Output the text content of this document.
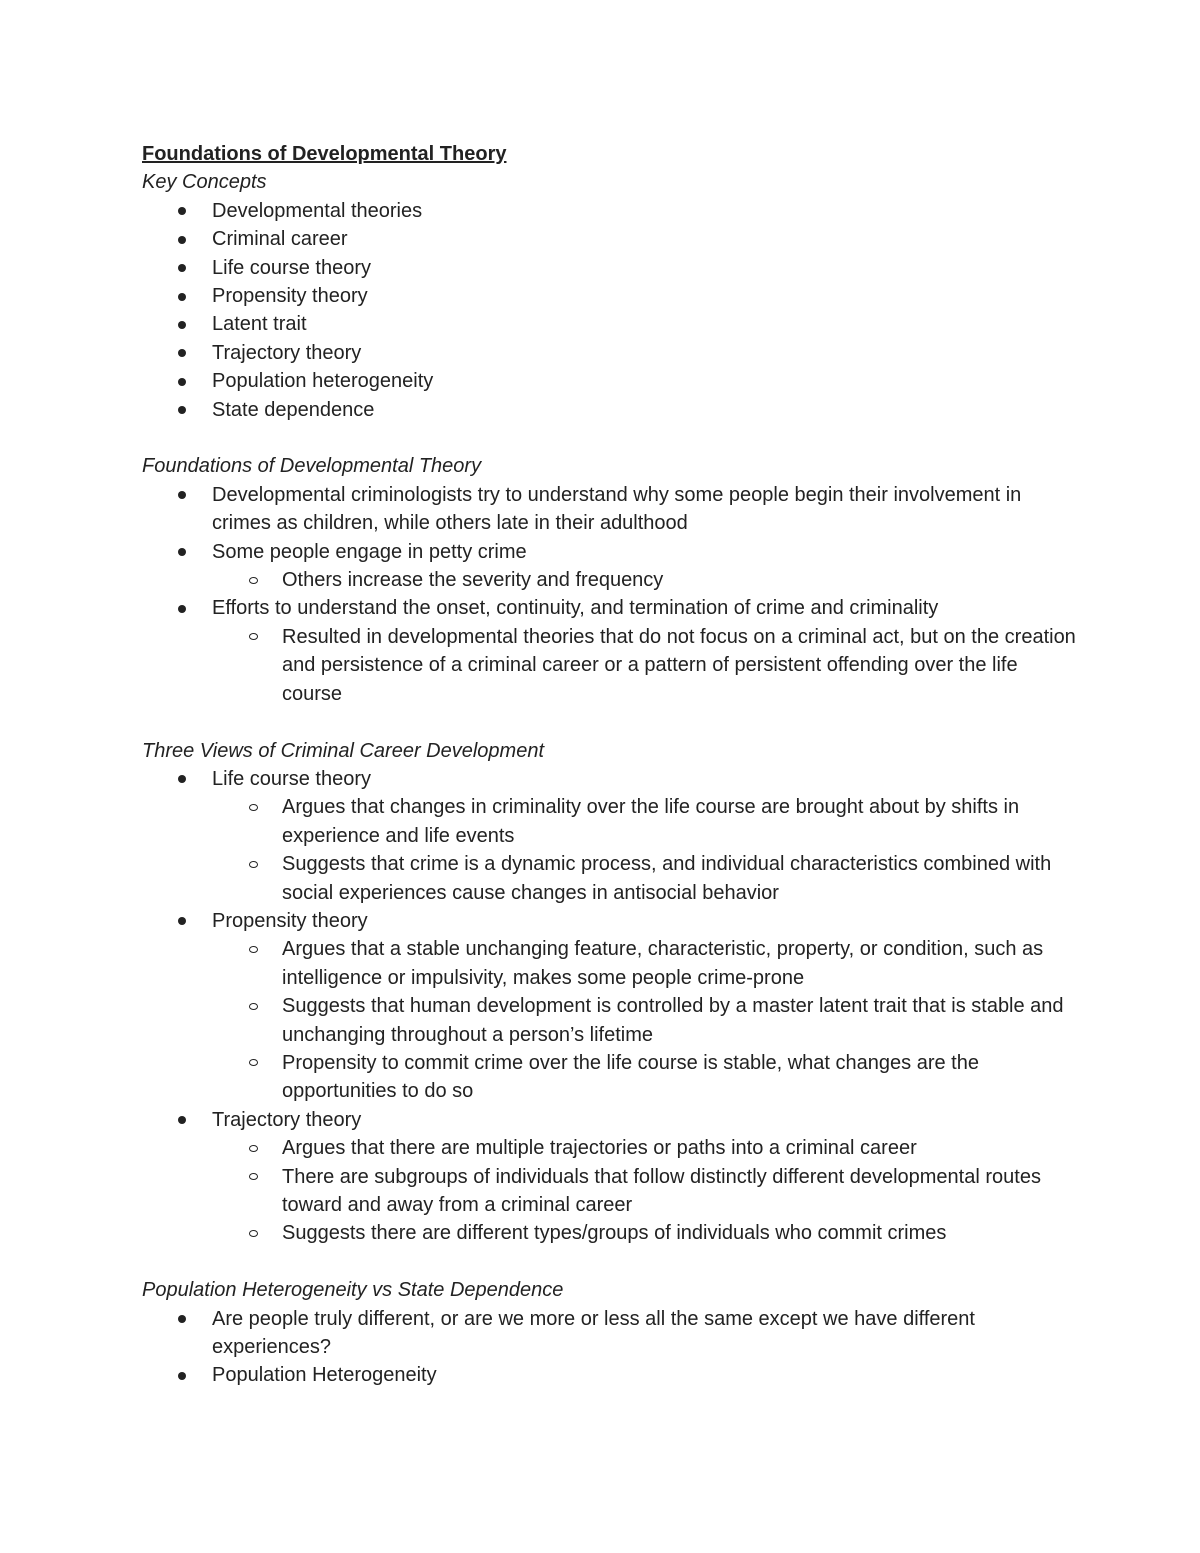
Foundations of Developmental Theory

Key Concepts

Developmental theories
Criminal career
Life course theory
Propensity theory
Latent trait
Trajectory theory
Population heterogeneity
State dependence

Foundations of Developmental Theory

Developmental criminologists try to understand why some people begin their involvement in crimes as children, while others late in their adulthood
Some people engage in petty crime
Others increase the severity and frequency
Efforts to understand the onset, continuity, and termination of crime and criminality
Resulted in developmental theories that do not focus on a criminal act, but on the creation and persistence of a criminal career or a pattern of persistent offending over the life course

Three Views of Criminal Career Development

Life course theory
Argues that changes in criminality over the life course are brought about by shifts in experience and life events
Suggests that crime is a dynamic process, and individual characteristics combined with social experiences cause changes in antisocial behavior
Propensity theory
Argues that a stable unchanging feature, characteristic, property, or condition, such as intelligence or impulsivity, makes some people crime-prone
Suggests that human development is controlled by a master latent trait that is stable and unchanging throughout a person’s lifetime
Propensity to commit crime over the life course is stable, what changes are the opportunities to do so
Trajectory theory
Argues that there are multiple trajectories or paths into a criminal career
There are subgroups of individuals that follow distinctly different developmental routes toward and away from a criminal career
Suggests there are different types/groups of individuals who commit crimes

Population Heterogeneity vs State Dependence

Are people truly different, or are we more or less all the same except we have different experiences?
Population Heterogeneity
